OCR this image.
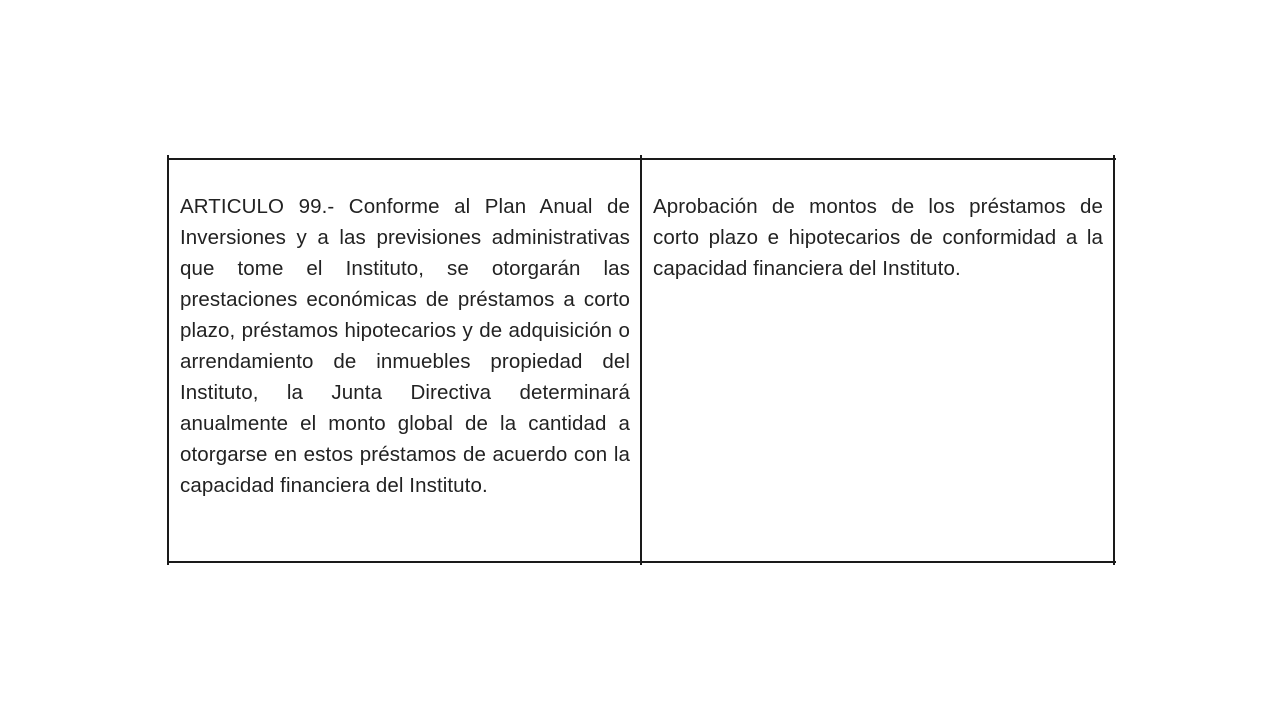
ARTICULO 99.- Conforme al Plan Anual de Inversiones y a las previsiones administrativas que tome el Instituto, se otorgarán las prestaciones económicas de préstamos a corto plazo, préstamos hipotecarios y de adquisición o arrendamiento de inmuebles propiedad del Instituto, la Junta Directiva determinará anualmente el monto global de la cantidad a otorgarse en estos préstamos de acuerdo con la capacidad financiera del Instituto.
Aprobación de montos de los préstamos de corto plazo e hipotecarios de conformidad a la capacidad financiera del Instituto.
